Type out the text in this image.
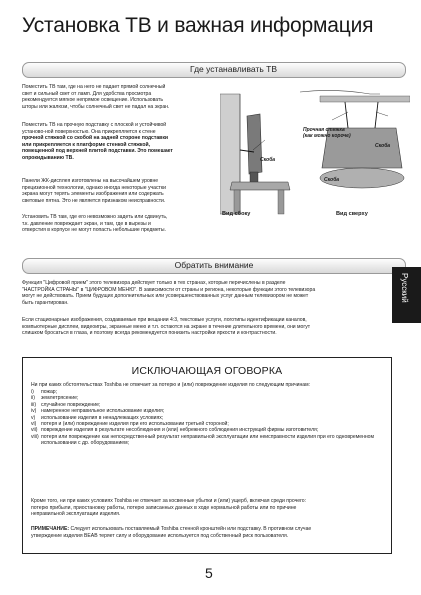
Установка ТВ и важная информация
Где устанавливать ТВ

Поместить ТВ там, где на него не падает прямой солнечный
свет и сильный свет от ламп. Для удобства просмотра
рекомендуется мягкое непрямое освещение. Использовать
шторы или жалюзи, чтобы солнечный свет не падал на экран.

Поместить ТВ на прочную подставку с плоской и устойчивой
установо-ной поверхностью. Она прикрепляется к стене
прочной стяжкой со скобой на задней стороне подставки
или прикрепляется к платформе стенкой стяжкой,
помещенной под верхней плитой подставки. Это помешает
опрокидыванию ТВ.

Панели ЖК-дисплея изготовлены на высочайшем уровне
прецизионной технологии, однако иногда некоторые участки
экрана могут терять элементы изображения или содержать
световые пятна. Это не является признаком неисправности.

Установить ТВ там, где его невозможно задеть или сдвинуть,
т.к. давление повреждает экран, и там, где в вырезы и
отверстия в корпусе не могут попасть небольшие предметы.

Прочная стяжка
(как можно короче)
Скоба
Скоба
Скоба
Вид сбоку	Вид сверху
Обратить внимание

Функция "Цифровой прием" этого телевизора действует только в тех странах, которые перечислены в разделе
"НАСТРОЙКА СТРАНЫ" в "ЦИФРОВОМ МЕНЮ". В зависимости от страны и региона, некоторые функции этого телевизора
могут не действовать. Прием будущих дополнительных или усовершенствованных услуг данным телевизором не может
быть гарантирован.

Если стационарные изображения, создаваемые при вещании 4:3, текстовые услуги, логотипы идентификации каналов,
компьютерные дисплеи, видеоигры, экранные меню и т.п. остаются на экране в течение длительного времени, они могут
слишком бросаться в глаза, и поэтому всегда рекомендуется понизить настройки яркости и контрастности.

Русский
ИСКЛЮЧАЮЩАЯ ОГОВОРКА
Ни при каких обстоятельствах Toshiba не отвечает за потерю и (или) повреждение изделия по следующим причинам:
i)	пожар;
ii)	землетрясение;
iii) случайное повреждение;
iv) намеренное неправильное использование изделия;
v)	использование изделия в ненадлежащих условиях;
vi) потеря и (или) повреждение изделия при его использовании третьей стороной;
vii) повреждение изделия в результате несоблюдения и (или) небрежного соблюдения инструкций фирмы изготовителя;
viii) потеря или повреждение как непосредственный результат неправильной эксплуатации или неисправности изделия при его одновременном использовании с др. оборудованием;

Кроме того, ни при каких условиях Toshiba не отвечает за косвенные убытки и (или) ущерб, включая среди прочего:
потерю прибыли, приостановку работы, потерю записанных данных в ходе нормальной работы или по причине
неправильной эксплуатации изделия.

ПРИМЕЧАНИЕ: Следует использовать поставляемый Toshiba стенной кронштейн или подставку. В противном случае
утверждение изделия BEAB теряет силу и оборудование используется под собственный риск пользователя.

5
